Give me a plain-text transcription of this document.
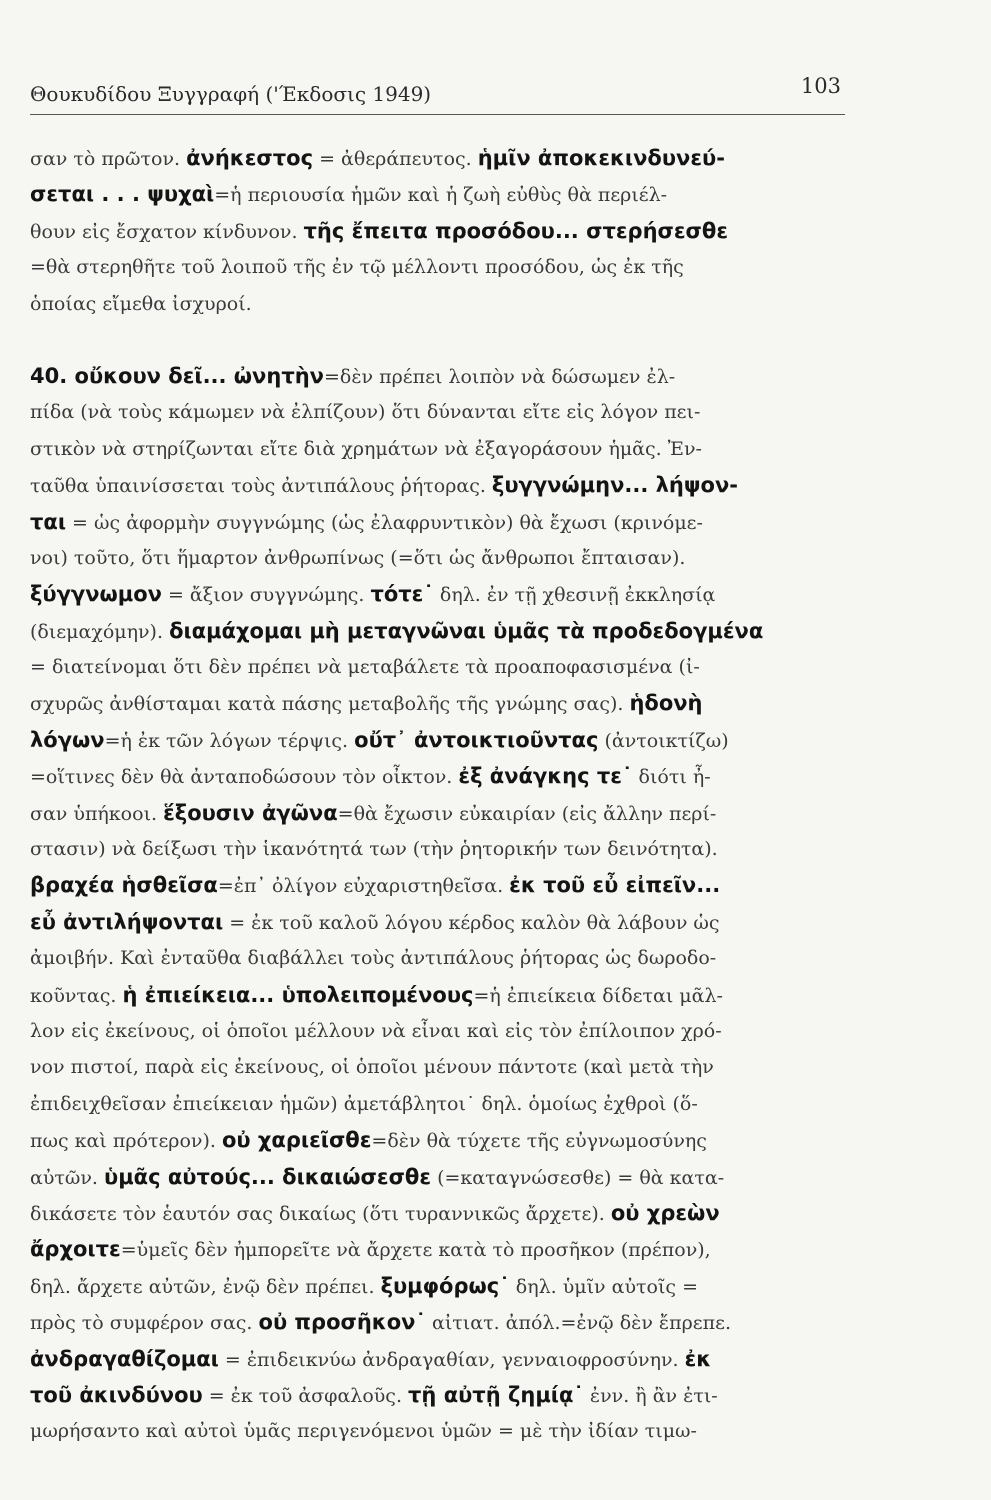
Θουκυδίδου Ξυγγραφή ('Έκδοσις 1949)	103
σαν τὸ πρῶτον. ἀνήκεστος = ἀθεράπευτος. ἡμῖν ἀποκεκινδυνεύ-
σεται . . . ψυχαὶ=ἡ περιουσία ἡμῶν καὶ ἡ ζωὴ εὐθὺς θὰ περιέλ-
θουν εἰς ἔσχατον κίνδυνον. τῆς ἔπειτα προσόδου... στερήσεσθε
=θὰ στερηθῆτε τοῦ λοιποῦ τῆς ἐν τῷ μέλλοντι προσόδου, ὡς ἐκ τῆς
ὁποίας εἴμεθα ἰσχυροί.
40. οὔκουν δεῖ... ὠνητὴν=δὲν πρέπει λοιπὸν νὰ δώσωμεν ἐλ-
πίδα (νὰ τοὺς κάμωμεν νὰ ἐλπίζουν) ὅτι δύνανται εἴτε εἰς λόγον πει-
στικὸν νὰ στηρίζωνται εἴτε διὰ χρημάτων νὰ ἐξαγοράσουν ἡμᾶς. Ἐν-
ταῦθα ὑπαινίσσεται τοὺς ἀντιπάλους ῥήτορας. ξυγγνώμην... λήψον-
ται = ὡς ἀφορμὴν συγγνώμης (ὡς ἐλαφρυντικὸν) θὰ ἔχωσι (κρινόμε-
νοι) τοῦτο, ὅτι ἥμαρτον ἀνθρωπίνως (=ὅτι ὡς ἄνθρωποι ἔπταισαν).
ξύγγνωμον = ἄξιον συγγνώμης. τότε˙ δηλ. ἐν τῇ χθεσινῇ ἐκκλησίᾳ
(διεμαχόμην). διαμάχομαι μὴ μεταγνῶναι ὑμᾶς τὰ προδεδογμένα
= διατείνομαι ὅτι δὲν πρέπει νὰ μεταβάλετε τὰ προαποφασισμένα (ἰ-
σχυρῶς ἀνθίσταμαι κατὰ πάσης μεταβολῆς τῆς γνώμης σας). ἡδονὴ
λόγων=ἡ ἐκ τῶν λόγων τέρψις. οὔτ᾽ ἀντοικτιοῦντας (ἀντοικτίζω)
=οἵτινες δὲν θὰ ἀνταποδώσουν τὸν οἶκτον. ἐξ ἀνάγκης τε˙ διότι ἦ-
σαν ὑπήκοοι. ἕξουσιν ἀγῶνα=θὰ ἔχωσιν εὐκαιρίαν (εἰς ἄλλην περί-
στασιν) νὰ δείξωσι τὴν ἱκανότητά των (τὴν ῥητορικήν των δεινότητα).
βραχέα ἡσθεῖσα=ἐπ᾽ ὀλίγον εὐχαριστηθεῖσα. ἐκ τοῦ εὖ εἰπεῖν...
εὖ ἀντιλήψονται = ἐκ τοῦ καλοῦ λόγου κέρδος καλὸν θὰ λάβουν ὡς
ἀμοιβήν. Καὶ ἐνταῦθα διαβάλλει τοὺς ἀντιπάλους ῥήτορας ὡς δωροδο-
κοῦντας. ἡ ἐπιείκεια... ὑπολειπομένους=ἡ ἐπιείκεια δίδεται μᾶλ-
λον εἰς ἐκείνους, οἱ ὁποῖοι μέλλουν νὰ εἶναι καὶ εἰς τὸν ἐπίλοιπον χρό-
νον πιστοί, παρὰ εἰς ἐκείνους, οἱ ὁποῖοι μένουν πάντοτε (καὶ μετὰ τὴν
ἐπιδειχθεῖσαν ἐπιείκειαν ἡμῶν) ἀμετάβλητοι˙ δηλ. ὁμοίως ἐχθροὶ (ὅ-
πως καὶ πρότερον). οὐ χαριεῖσθε=δὲν θὰ τύχετε τῆς εὐγνωμοσύνης
αὐτῶν. ὑμᾶς αὐτούς... δικαιώσεσθε (=καταγνώσεσθε) = θὰ κατα-
δικάσετε τὸν ἑαυτόν σας δικαίως (ὅτι τυραννικῶς ἄρχετε). οὐ χρεὼν
ἄρχοιτε=ὑμεῖς δὲν ἠμπορεῖτε νὰ ἄρχετε κατὰ τὸ προσῆκον (πρέπον),
δηλ. ἄρχετε αὐτῶν, ἐνῷ δὲν πρέπει. ξυμφόρως˙ δηλ. ὑμῖν αὐτοῖς =
πρὸς τὸ συμφέρον σας. οὐ προσῆκον˙ αἰτιατ. ἀπόλ.=ἐνῷ δὲν ἔπρεπε.
ἀνδραγαθίζομαι = ἐπιδεικνύω ἀνδραγαθίαν, γενναιοφροσύνην. ἐκ
τοῦ ἀκινδύνου = ἐκ τοῦ ἀσφαλοῦς. τῇ αὐτῇ ζημίᾳ˙ ἐνν. ἢ ἂν ἐτι-
μωρήσαντο καὶ αὐτοὶ ὑμᾶς περιγενόμενοι ὑμῶν = μὲ τὴν ἰδίαν τιμω-
